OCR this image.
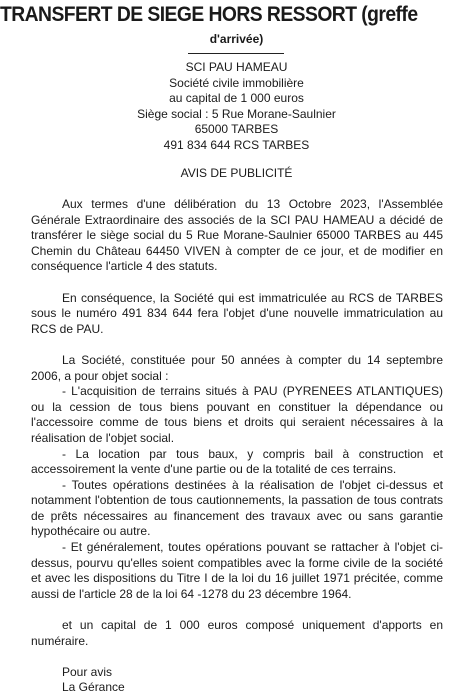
TRANSFERT DE SIEGE HORS RESSORT (greffe
d'arrivée)
SCI PAU HAMEAU
Société civile immobilière
au capital de 1 000 euros
Siège social : 5 Rue Morane-Saulnier
65000 TARBES
491 834 644 RCS TARBES
AVIS DE PUBLICITÉ

Aux termes d'une délibération du 13 Octobre 2023, l'Assemblée Générale Extraordinaire des associés de la SCI PAU HAMEAU a décidé de transférer le siège social du 5 Rue Morane-Saulnier 65000 TARBES au 445 Chemin du Château 64450 VIVEN à compter de ce jour, et de modifier en conséquence l'article 4 des statuts.

En conséquence, la Société qui est immatriculée au RCS de TARBES sous le numéro 491 834 644 fera l'objet d'une nouvelle immatriculation au RCS de PAU.

La Société, constituée pour 50 années à compter du 14 septembre 2006, a pour objet social :

- L'acquisition de terrains situés à PAU (PYRENEES ATLANTIQUES) ou la cession de tous biens pouvant en constituer la dépendance ou l'accessoire comme de tous biens et droits qui seraient nécessaires à la réalisation de l'objet social.

- La location par tous baux, y compris bail à construction et accessoirement la vente d'une partie ou de la totalité de ces terrains.

- Toutes opérations destinées à la réalisation de l'objet ci-dessus et notamment l'obtention de tous cautionnements, la passation de tous contrats de prêts nécessaires au financement des travaux avec ou sans garantie hypothécaire ou autre.

- Et généralement, toutes opérations pouvant se rattacher à l'objet ci-dessus, pourvu qu'elles soient compatibles avec la forme civile de la société et avec les dispositions du Titre I de la loi du 16 juillet 1971 précitée, comme aussi de l'article 28 de la loi 64 -1278 du 23 décembre 1964.

et un capital de 1 000 euros composé uniquement d'apports en numéraire.

Pour avis
La Gérance
